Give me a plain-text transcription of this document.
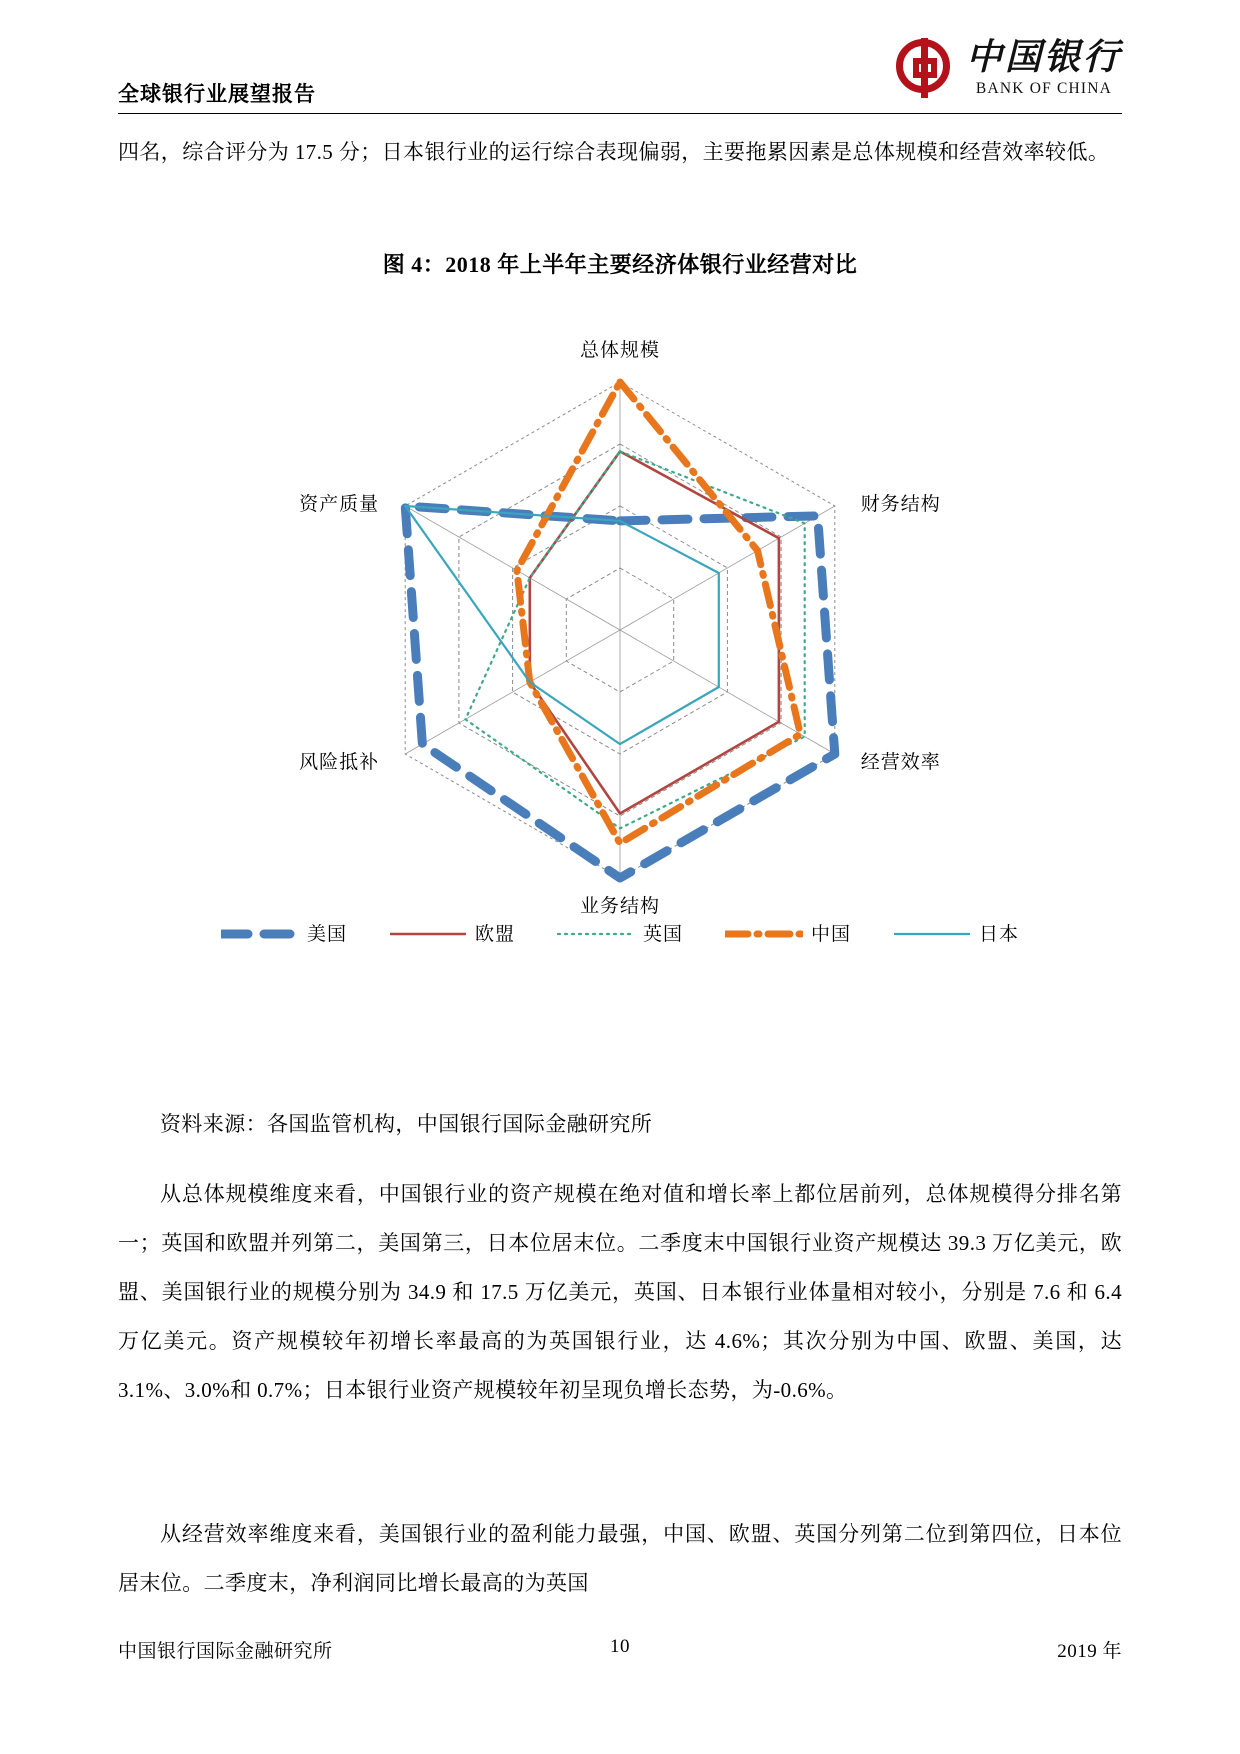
全球银行业展望报告
中国银行
BANK OF CHINA
四名，综合评分为 17.5 分；日本银行业的运行综合表现偏弱，主要拖累因素是总体规模和经营效率较低。
图 4：2018 年上半年主要经济体银行业经营对比
总体规模
财务结构
经营效率
业务结构
风险抵补
资产质量
美国	欧盟	英国	中国	日本
资料来源：各国监管机构，中国银行国际金融研究所
从总体规模维度来看，中国银行业的资产规模在绝对值和增长率上都位居前列，总体规模得分排名第一；英国和欧盟并列第二，美国第三，日本位居末位。二季度末中国银行业资产规模达 39.3 万亿美元，欧盟、美国银行业的规模分别为 34.9 和 17.5 万亿美元，英国、日本银行业体量相对较小，分别是 7.6 和 6.4 万亿美元。资产规模较年初增长率最高的为英国银行业，达 4.6%；其次分别为中国、欧盟、美国，达 3.1%、3.0%和 0.7%；日本银行业资产规模较年初呈现负增长态势，为-0.6%。
从经营效率维度来看，美国银行业的盈利能力最强，中国、欧盟、英国分列第二位到第四位，日本位居末位。二季度末，净利润同比增长最高的为英国
中国银行国际金融研究所	10	2019 年
